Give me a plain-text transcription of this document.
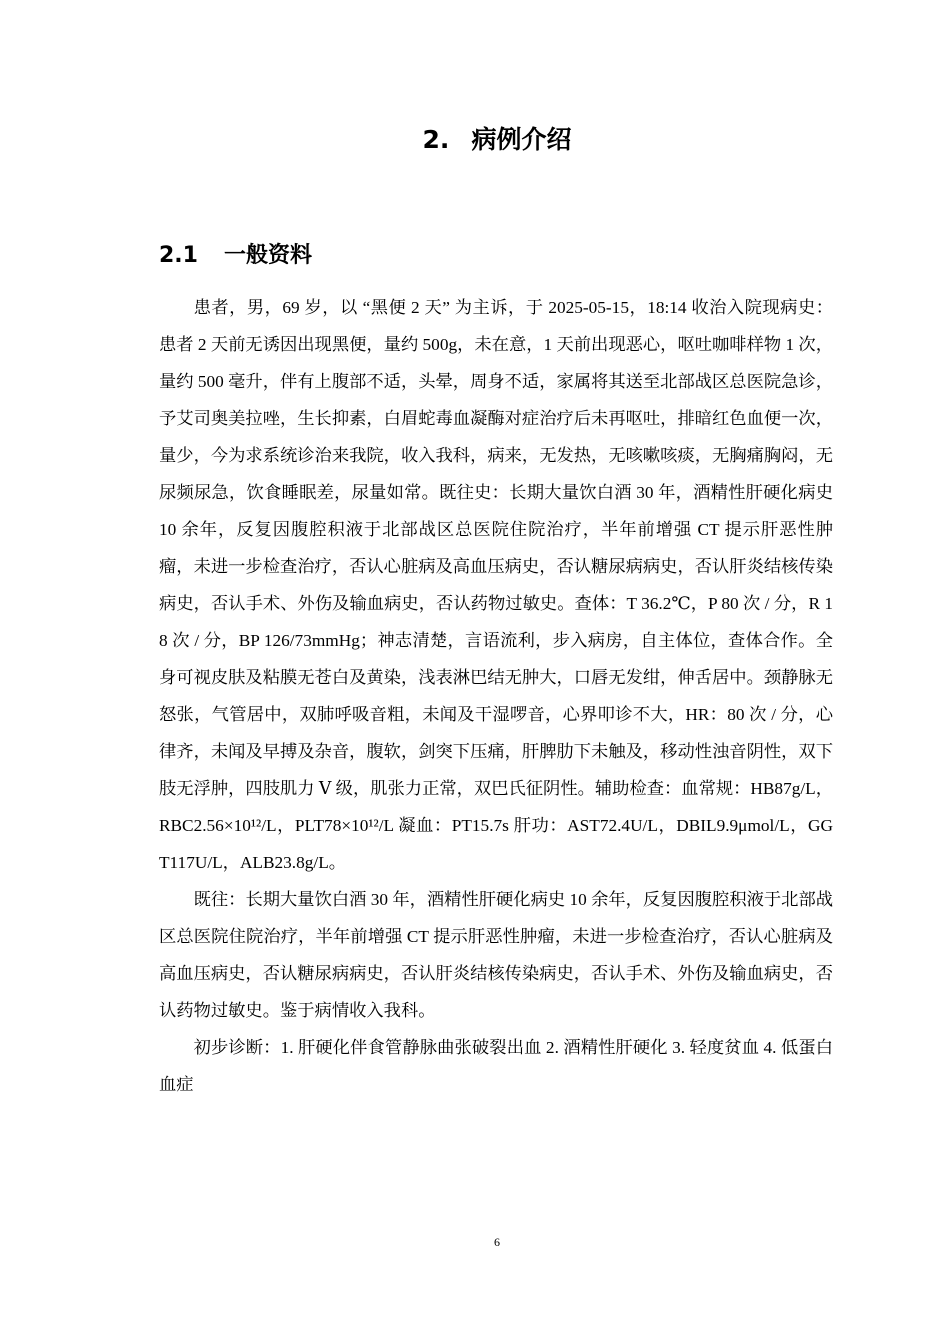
2. 病例介绍
2.1 一般资料

患者，男，69 岁，以 “黑便 2 天” 为主诉，于 2025-05-15，18:14 收治入院现病史：患者 2 天前无诱因出现黑便，量约 500g，未在意，1 天前出现恶心，呕吐咖啡样物 1 次，量约 500 毫升，伴有上腹部不适，头晕，周身不适，家属将其送至北部战区总医院急诊，予艾司奥美拉唑，生长抑素，白眉蛇毒血凝酶对症治疗后未再呕吐，排暗红色血便一次，量少，今为求系统诊治来我院，收入我科，病来，无发热，无咳嗽咳痰，无胸痛胸闷，无尿频尿急，饮食睡眠差，尿量如常。既往史：长期大量饮白酒 30 年，酒精性肝硬化病史 10 余年，反复因腹腔积液于北部战区总医院住院治疗，半年前增强 CT 提示肝恶性肿瘤，未进一步检查治疗，否认心脏病及高血压病史，否认糖尿病病史，否认肝炎结核传染病史，否认手术、外伤及输血病史，否认药物过敏史。查体：T 36.2℃，P 80 次 / 分，R 18 次 / 分，BP 126/73mmHg；神志清楚，言语流利，步入病房，自主体位，查体合作。全身可视皮肤及粘膜无苍白及黄染，浅表淋巴结无肿大，口唇无发绀，伸舌居中。颈静脉无怒张，气管居中，双肺呼吸音粗，未闻及干湿啰音，心界叩诊不大，HR：80 次 / 分，心律齐，未闻及早搏及杂音，腹软，剑突下压痛，肝脾肋下未触及，移动性浊音阴性，双下肢无浮肿，四肢肌力 Ⅴ 级，肌张力正常，双巴氏征阴性。辅助检查：血常规：HB87g/L，RBC2.56×10¹²/L，PLT78×10¹²/L 凝血：PT15.7s 肝功：AST72.4U/L，DBIL9.9μmol/L，GGT117U/L，ALB23.8g/L。

既往：长期大量饮白酒 30 年，酒精性肝硬化病史 10 余年，反复因腹腔积液于北部战区总医院住院治疗，半年前增强 CT 提示肝恶性肿瘤，未进一步检查治疗，否认心脏病及高血压病史，否认糖尿病病史，否认肝炎结核传染病史，否认手术、外伤及输血病史，否认药物过敏史。鉴于病情收入我科。

初步诊断：1. 肝硬化伴食管静脉曲张破裂出血 2. 酒精性肝硬化 3. 轻度贫血 4. 低蛋白血症

6
